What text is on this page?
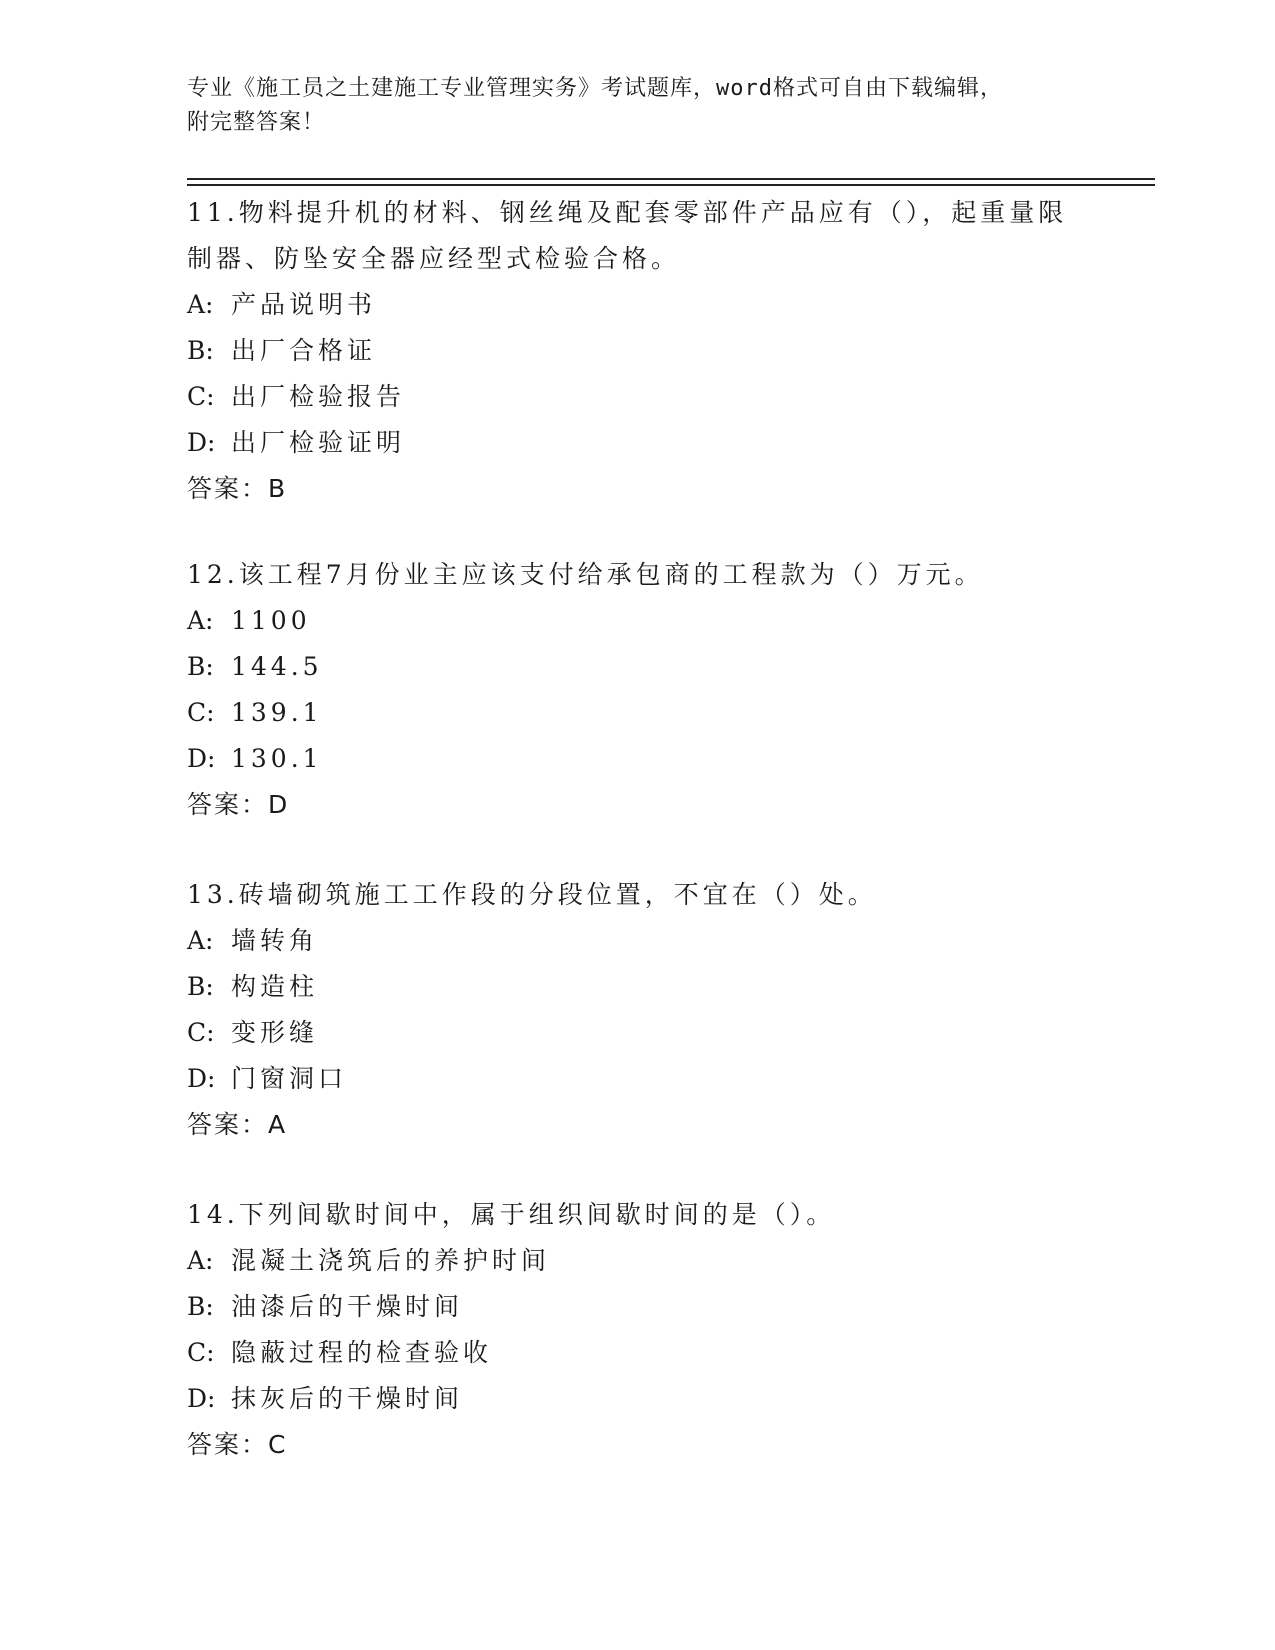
专业《施工员之土建施工专业管理实务》考试题库，word格式可自由下载编辑，
附完整答案！

11.物料提升机的材料、钢丝绳及配套零部件产品应有（），起重量限制器、防坠安全器应经型式检验合格。

A: 产品说明书
B: 出厂合格证
C: 出厂检验报告
D: 出厂检验证明
答案：B

12.该工程7月份业主应该支付给承包商的工程款为（）万元。

A: 1100
B: 144.5
C: 139.1
D: 130.1
答案：D

13.砖墙砌筑施工工作段的分段位置，不宜在（）处。

A: 墙转角
B: 构造柱
C: 变形缝
D: 门窗洞口
答案：A

14.下列间歇时间中，属于组织间歇时间的是（）。

A: 混凝土浇筑后的养护时间
B: 油漆后的干燥时间
C: 隐蔽过程的检查验收
D: 抹灰后的干燥时间
答案：C
